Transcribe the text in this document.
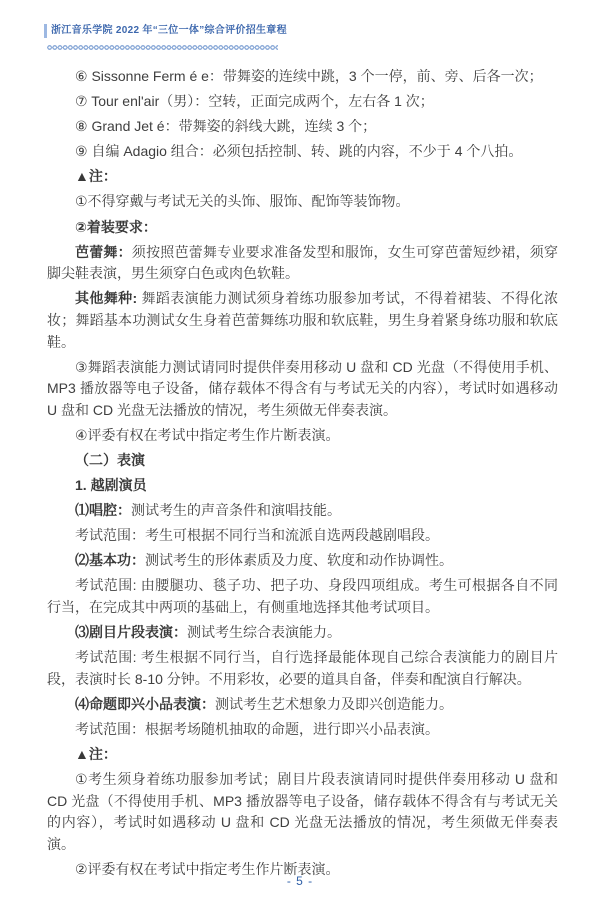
浙江音乐学院 2022 年“三位一体”综合评价招生章程

⑥ Sissonne Ferm é e：带舞姿的连续中跳，3 个一停，前、旁、后各一次；

⑦ Tour enl'air（男）：空转，正面完成两个，左右各 1 次；

⑧ Grand Jet é：带舞姿的斜线大跳，连续 3 个；

⑨ 自编 Adagio 组合：必须包括控制、转、跳的内容，不少于 4 个八拍。

▲注：

①不得穿戴与考试无关的头饰、服饰、配饰等装饰物。

②着装要求：

芭蕾舞：须按照芭蕾舞专业要求准备发型和服饰，女生可穿芭蕾短纱裙，须穿脚尖鞋表演，男生须穿白色或肉色软鞋。

其他舞种: 舞蹈表演能力测试须身着练功服参加考试，不得着裙装、不得化浓妆；舞蹈基本功测试女生身着芭蕾舞练功服和软底鞋，男生身着紧身练功服和软底鞋。

③舞蹈表演能力测试请同时提供伴奏用移动 U 盘和 CD 光盘（不得使用手机、MP3 播放器等电子设备，储存载体不得含有与考试无关的内容），考试时如遇移动 U 盘和 CD 光盘无法播放的情况，考生须做无伴奏表演。

④评委有权在考试中指定考生作片断表演。

（二）表演

1. 越剧演员

⑴唱腔：测试考生的声音条件和演唱技能。

考试范围：考生可根据不同行当和流派自选两段越剧唱段。

⑵基本功：测试考生的形体素质及力度、软度和动作协调性。

考试范围: 由腰腿功、毯子功、把子功、身段四项组成。考生可根据各自不同行当，在完成其中两项的基础上，有侧重地选择其他考试项目。

⑶剧目片段表演：测试考生综合表演能力。

考试范围: 考生根据不同行当，自行选择最能体现自己综合表演能力的剧目片段，表演时长 8-10 分钟。不用彩妆，必要的道具自备，伴奏和配演自行解决。

⑷命题即兴小品表演：测试考生艺术想象力及即兴创造能力。

考试范围：根据考场随机抽取的命题，进行即兴小品表演。

▲注：

①考生须身着练功服参加考试；剧目片段表演请同时提供伴奏用移动 U 盘和 CD 光盘（不得使用手机、MP3 播放器等电子设备，储存载体不得含有与考试无关的内容），考试时如遇移动 U 盘和 CD 光盘无法播放的情况，考生须做无伴奏表演。

②评委有权在考试中指定考生作片断表演。

- 5 -
